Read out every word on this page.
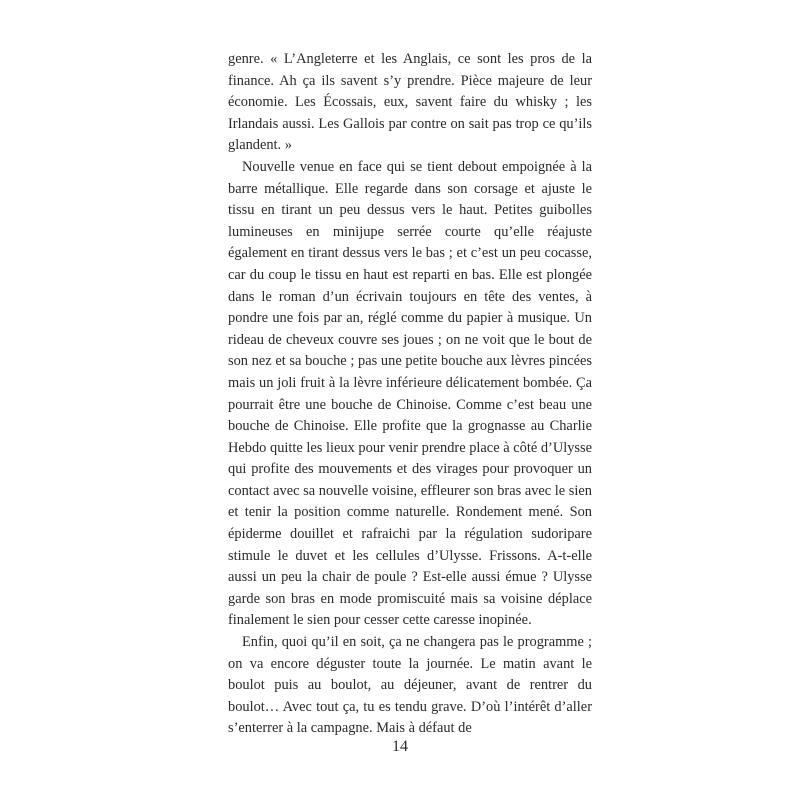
genre. « L’Angleterre et les Anglais, ce sont les pros de la finance. Ah ça ils savent s’y prendre. Pièce majeure de leur économie. Les Écossais, eux, savent faire du whisky ; les Irlandais aussi. Les Gallois par contre on sait pas trop ce qu’ils glandent. »

Nouvelle venue en face qui se tient debout empoignée à la barre métallique. Elle regarde dans son corsage et ajuste le tissu en tirant un peu dessus vers le haut. Petites guibolles lumineuses en minijupe serrée courte qu’elle réajuste également en tirant dessus vers le bas ; et c’est un peu cocasse, car du coup le tissu en haut est reparti en bas. Elle est plongée dans le roman d’un écrivain toujours en tête des ventes, à pondre une fois par an, réglé comme du papier à musique. Un rideau de cheveux couvre ses joues ; on ne voit que le bout de son nez et sa bouche ; pas une petite bouche aux lèvres pincées mais un joli fruit à la lèvre inférieure délicatement bombée. Ça pourrait être une bouche de Chinoise. Comme c’est beau une bouche de Chinoise. Elle profite que la grognasse au Charlie Hebdo quitte les lieux pour venir prendre place à côté d’Ulysse qui profite des mouvements et des virages pour provoquer un contact avec sa nouvelle voisine, effleurer son bras avec le sien et tenir la position comme naturelle. Rondement mené. Son épiderme douillet et rafraichi par la régulation sudoripare stimule le duvet et les cellules d’Ulysse. Frissons. A-t-elle aussi un peu la chair de poule ? Est-elle aussi émue ? Ulysse garde son bras en mode promiscuité mais sa voisine déplace finalement le sien pour cesser cette caresse inopinée.

Enfin, quoi qu’il en soit, ça ne changera pas le programme ; on va encore déguster toute la journée. Le matin avant le boulot puis au boulot, au déjeuner, avant de rentrer du boulot… Avec tout ça, tu es tendu grave. D’où l’intérêt d’aller s’enterrer à la campagne. Mais à défaut de

14
